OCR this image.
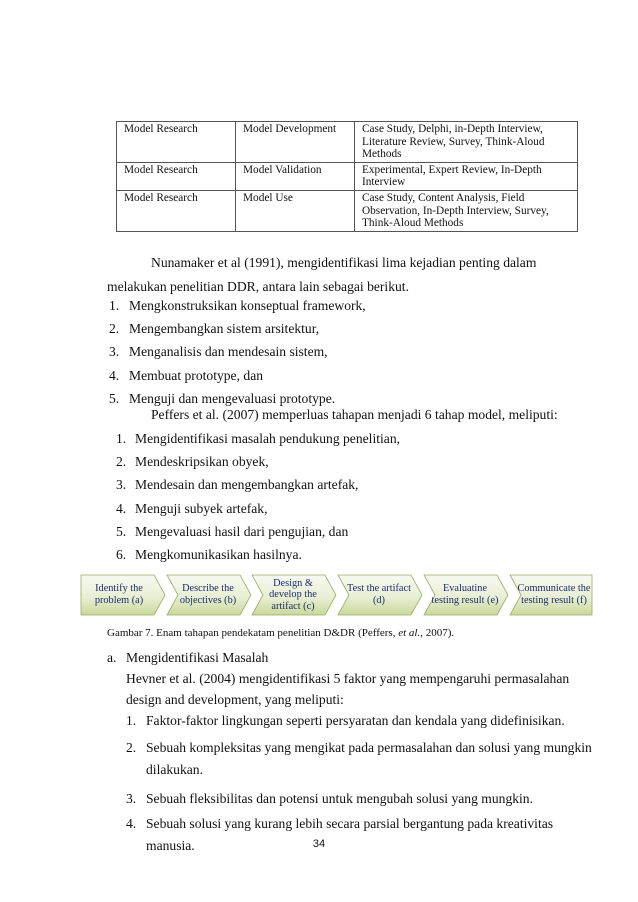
Model Research	Model Development	Case Study, Delphi, in-Depth Interview, Literature Review, Survey, Think-Aloud Methods
Model Research	Model Validation	Experimental, Expert Review, In-Depth Interview
Model Research	Model Use	Case Study, Content Analysis, Field Observation, In-Depth Interview, Survey, Think-Aloud Methods
Nunamaker et al (1991), mengidentifikasi lima kejadian penting dalam
melakukan penelitian DDR, antara lain sebagai berikut.
1. Mengkonstruksikan konseptual framework,
2. Mengembangkan sistem arsitektur,
3. Menganalisis dan mendesain sistem,
4. Membuat prototype, dan
5. Menguji dan mengevaluasi prototype.
Peffers et al. (2007) memperluas tahapan menjadi 6 tahap model, meliputi:
1. Mengidentifikasi masalah pendukung penelitian,
2. Mendeskripsikan obyek,
3. Mendesain dan mengembangkan artefak,
4. Menguji subyek artefak,
5. Mengevaluasi hasil dari pengujian, dan
6. Mengkomunikasikan hasilnya.
Identify the problem (a)
Describe the objectives (b)
Design & develop the artifact (c)
Test the artifact (d)
Evaluatine testing result (e)
Communicate the testing result (f)
Gambar 7. Enam tahapan pendekatam penelitian D&DR (Peffers, et al., 2007).
a. Mengidentifikasi Masalah
Hevner et al. (2004) mengidentifikasi 5 faktor yang mempengaruhi permasalahan
design and development, yang meliputi:
1. Faktor-faktor lingkungan seperti persyaratan dan kendala yang didefinisikan.
2. Sebuah kompleksitas yang mengikat pada permasalahan dan solusi yang mungkin
dilakukan.
3. Sebuah fleksibilitas dan potensi untuk mengubah solusi yang mungkin.
4. Sebuah solusi yang kurang lebih secara parsial bergantung pada kreativitas
manusia.	34
